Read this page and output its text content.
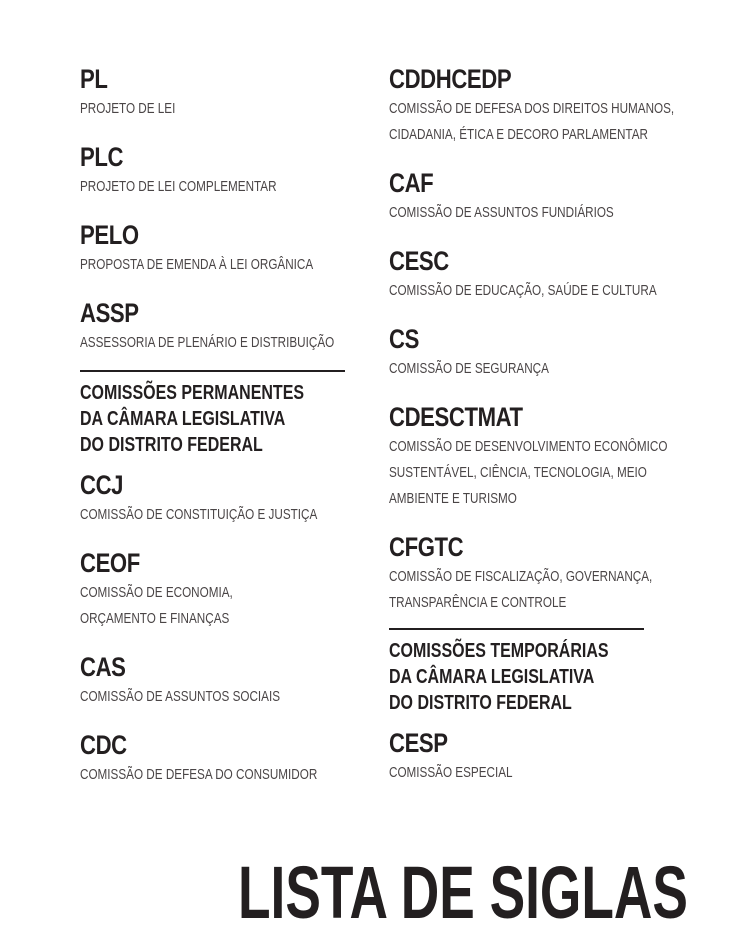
PL
PROJETO DE LEI
PLC
PROJETO DE LEI COMPLEMENTAR
PELO
PROPOSTA DE EMENDA À LEI ORGÂNICA
ASSP
ASSESSORIA DE PLENÁRIO E DISTRIBUIÇÃO
COMISSÕES PERMANENTES
DA CÂMARA LEGISLATIVA
DO DISTRITO FEDERAL
CCJ
COMISSÃO DE CONSTITUIÇÃO E JUSTIÇA
CEOF
COMISSÃO DE ECONOMIA,
ORÇAMENTO E FINANÇAS
CAS
COMISSÃO DE ASSUNTOS SOCIAIS
CDC
COMISSÃO DE DEFESA DO CONSUMIDOR
CDDHCEDP
COMISSÃO DE DEFESA DOS DIREITOS HUMANOS,
CIDADANIA, ÉTICA E DECORO PARLAMENTAR
CAF
COMISSÃO DE ASSUNTOS FUNDIÁRIOS
CESC
COMISSÃO DE EDUCAÇÃO, SAÚDE E CULTURA
CS
COMISSÃO DE SEGURANÇA
CDESCTMAT
COMISSÃO DE DESENVOLVIMENTO ECONÔMICO
SUSTENTÁVEL, CIÊNCIA, TECNOLOGIA, MEIO
AMBIENTE E TURISMO
CFGTC
COMISSÃO DE FISCALIZAÇÃO, GOVERNANÇA,
TRANSPARÊNCIA E CONTROLE
COMISSÕES TEMPORÁRIAS
DA CÂMARA LEGISLATIVA
DO DISTRITO FEDERAL
CESP
COMISSÃO ESPECIAL
LISTA DE SIGLAS
